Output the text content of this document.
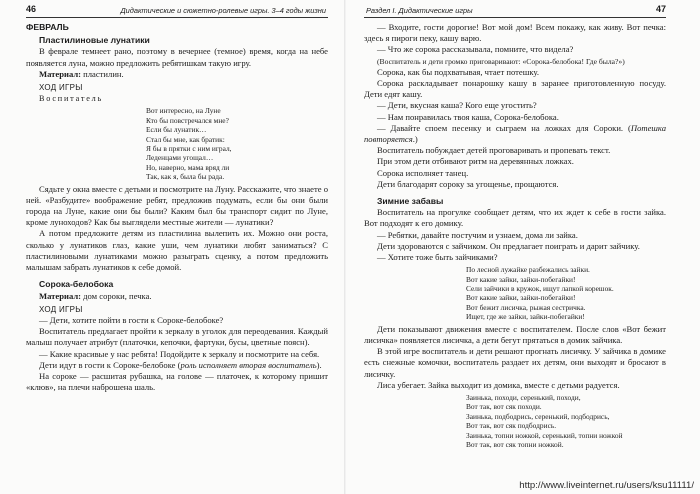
46	Дидактические и сюжетно-ролевые игры. 3–4 годы жизни

ФЕВРАЛЬ

Пластилиновые лунатики

В феврале темнеет рано, поэтому в вечернее (темное) время, когда на небе появляется луна, можно предложить ребятишкам такую игру.

Материал: пластилин.

ХОД ИГРЫ

Воспитатель

Вот интересно, на Луне
Кто бы повстречался мне?
Если бы лунатик…
Стал бы мне, как братик:
Я бы в прятки с ним играл,
Леденцами угощал…
Но, наверно, мама вряд ли
Так, как я, была бы рада.

Сядьте у окна вместе с детьми и посмотрите на Луну. Расскажите, что знаете о ней. «Разбудите» воображение ребят, предложив подумать, если бы они были города на Луне, какие они бы были? Каким был бы транспорт сидит по Луне, кроме луноходов? Как бы выглядели местные жители — лунатики?

А потом предложите детям из пластилина вылепить их. Можно они роста, сколько у лунатиков глаз, какие уши, чем лунатики любят заниматься? С пластилиновыми лунатиками можно разыграть сценку, а потом предложить малышам забрать лунатиков к себе домой.

Сорока-белобока

Материал: дом сороки, печка.

ХОД ИГРЫ

— Дети, хотите пойти в гости к Сороке-белобоке?

Воспитатель предлагает пройти к зеркалу в уголок для переодевания. Каждый малыш получает атрибут (платочки, кепочки, фартуки, бусы, цветные поясн).

— Какие красивые у нас ребята! Подойдите к зеркалу и посмотрите на себя.

Дети идут в гости к Сороке-белобоке (роль исполняет вторая воспитатель).

На сороке — расшитая рубашка, на голове — платочек, к которому пришит «клюв», на плечи наброшена шаль.

Раздел I. Дидактические игры	47

— Входите, гости дорогие! Вот мой дом! Всем покажу, как живу. Вот печка: здесь я пироги пеку, кашу варю.

— Что же сорока рассказывала, помните, что видела?

(Воспитатель и дети громко приговаривают: «Сорока-белобока! Где была?»)

Сорока, как бы подхватывая, чтает потешку.

Сорока раскладывает понарошку кашу в заранее приготовленную посуду. Дети едят кашу.

— Дети, вкусная каша? Кого еще угостить?

— Нам понравилась твоя каша, Сорока-белобока.

— Давайте споем песенку и сыграем на ложках для Сороки. (Потешка повторяется.)

Воспитатель побуждает детей проговаривать и пропевать текст.

При этом дети отбивают ритм на деревянных ложках.

Сорока исполняет танец.

Дети благодарят сороку за угощенье, прощаются.

Зимние забавы

Воспитатель на прогулке сообщает детям, что их ждет к себе в гости зайка. Вот подходят к его домику.

— Ребятки, давайте постучим и узнаем, дома ли зайка.

Дети здороваются с зайчиком. Он предлагает поиграть и дарит зайчику.

— Хотите тоже быть зайчиками?

По лесной лужайке разбежались зайки.
Вот какие зайки, зайки-побегайки!
Сели зайчики в кружок, ищут лапкой корешок.
Вот какие зайки, зайки-побегайки!
Вот бежит лисичка, рыжая сестричка.
Ищет, где же зайки, зайки-побегайки!

Дети показывают движения вместе с воспитателем. После слов «Вот бежит лисичка» появляется лисичка, а дети бегут прятаться в домик зайчика.

В этой игре воспитатель и дети решают прогнать лисичку. У зайчика в домике есть снежные комочки, воспитатель раздает их детям, они выходят и бросают в лисичку.

Лиса убегает. Зайка выходит из домика, вместе с детьми радуется.

Заинька, походи, серенький, походи,
Вот так, вот сяк походи.
Заинька, подбодрись, серенький, подбодрись,
Вот так, вот сяк подбодрись.
Заинька, топни ножкой, серенький, топни ножкой
Вот так, вот сяк топни ножкой.
http://www.liveinternet.ru/users/ksu11111/
